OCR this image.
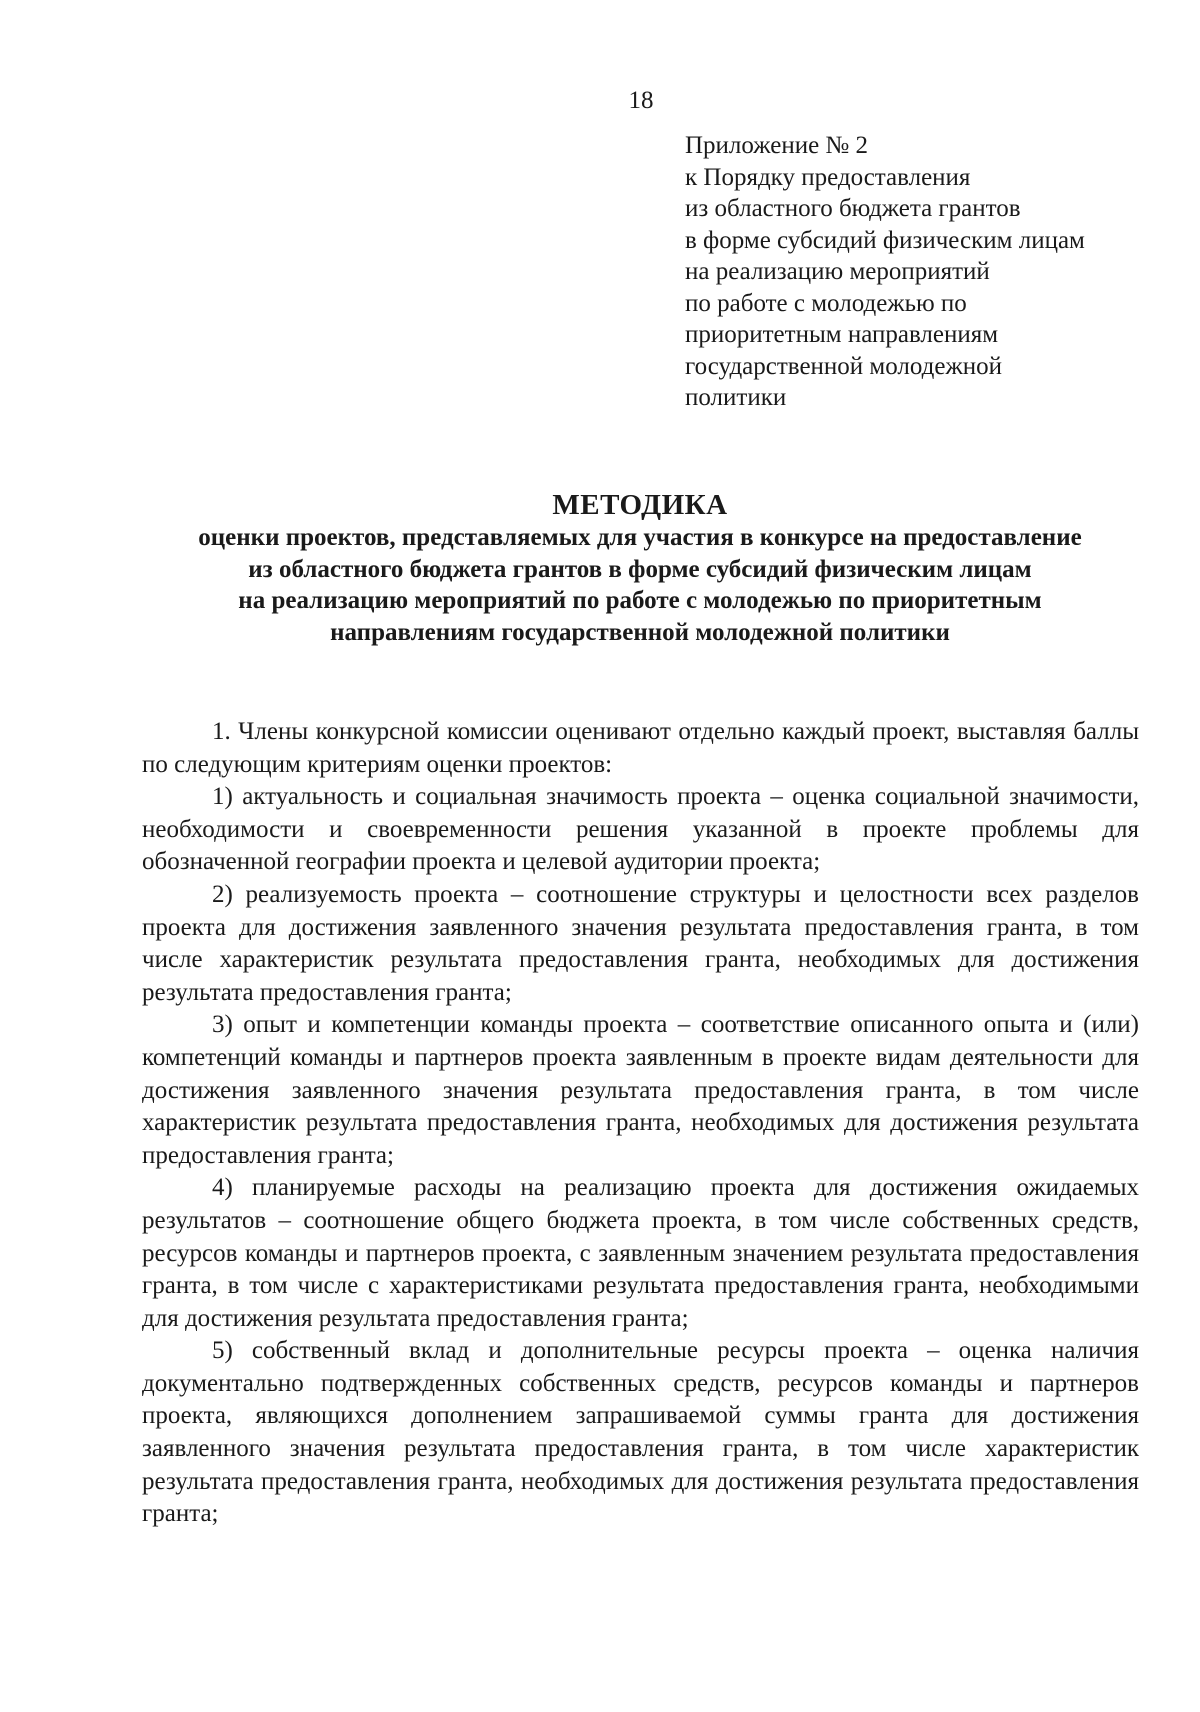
18
Приложение № 2
к Порядку предоставления
из областного бюджета грантов
в форме субсидий физическим лицам
на реализацию мероприятий
по работе с молодежью по
приоритетным направлениям
государственной молодежной
политики
МЕТОДИКА
оценки проектов, представляемых для участия в конкурсе на предоставление
из областного бюджета грантов в форме субсидий физическим лицам
на реализацию мероприятий по работе с молодежью по приоритетным
направлениям государственной молодежной политики

1. Члены конкурсной комиссии оценивают отдельно каждый проект, выставляя баллы по следующим критериям оценки проектов:

1) актуальность и социальная значимость проекта – оценка социальной значимости, необходимости и своевременности решения указанной в проекте проблемы для обозначенной географии проекта и целевой аудитории проекта;

2) реализуемость проекта – соотношение структуры и целостности всех разделов проекта для достижения заявленного значения результата предоставления гранта, в том числе характеристик результата предоставления гранта, необходимых для достижения результата предоставления гранта;

3) опыт и компетенции команды проекта – соответствие описанного опыта и (или) компетенций команды и партнеров проекта заявленным в проекте видам деятельности для достижения заявленного значения результата предоставления гранта, в том числе характеристик результата предоставления гранта, необходимых для достижения результата предоставления гранта;

4) планируемые расходы на реализацию проекта для достижения ожидаемых результатов – соотношение общего бюджета проекта, в том числе собственных средств, ресурсов команды и партнеров проекта, с заявленным значением результата предоставления гранта, в том числе с характеристиками результата предоставления гранта, необходимыми для достижения результата предоставления гранта;

5) собственный вклад и дополнительные ресурсы проекта – оценка наличия документально подтвержденных собственных средств, ресурсов команды и партнеров проекта, являющихся дополнением запрашиваемой суммы гранта для достижения заявленного значения результата предоставления гранта, в том числе характеристик результата предоставления гранта, необходимых для достижения результата предоставления гранта;
